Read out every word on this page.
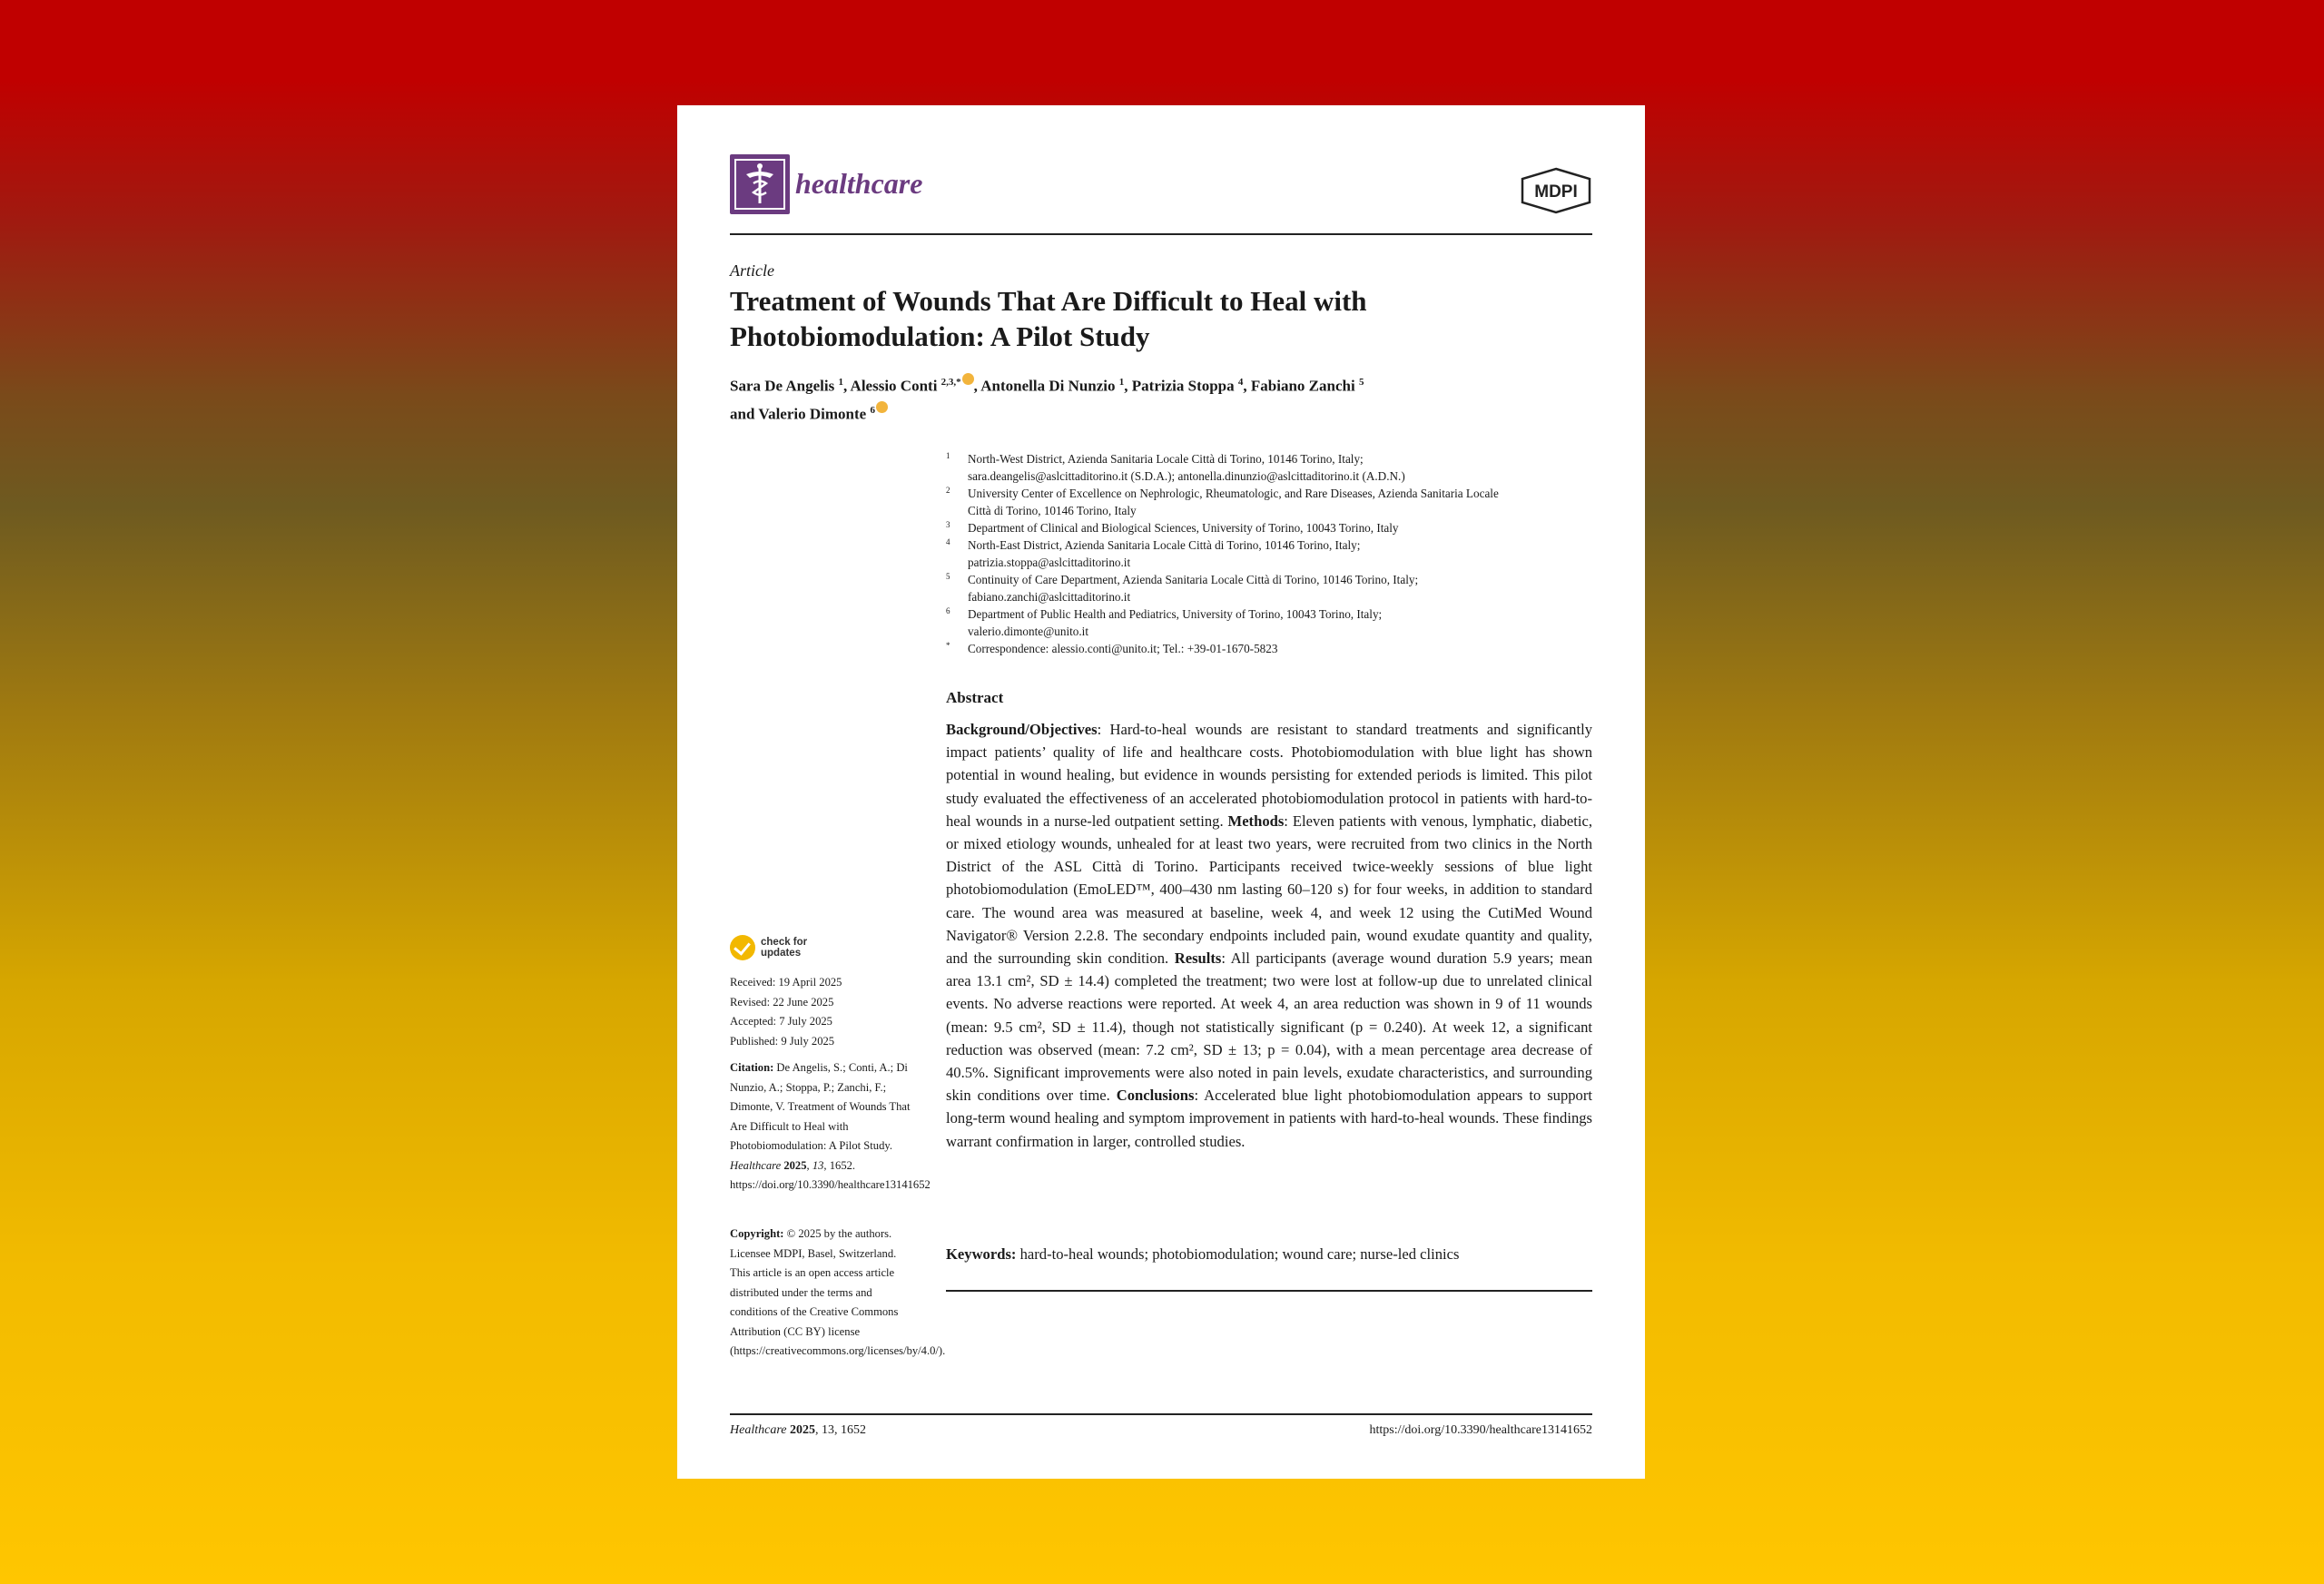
healthcare	MDPI
Article
Treatment of Wounds That Are Difficult to Heal with Photobiomodulation: A Pilot Study
Sara De Angelis $^1$, Alessio Conti $^{2,3,*}$ , Antonella Di Nunzio $^1$, Patrizia Stoppa $^4$, Fabiano Zanchi $^5$
and Valerio Dimonte $^6$
1 North-West District, Azienda Sanitaria Locale Città di Torino, 10146 Torino, Italy;
sara.deangelis@aslcittaditorino.it (S.D.A.); antonella.dinunzio@aslcittaditorino.it (A.D.N.)
2 University Center of Excellence on Nephrologic, Rheumatologic, and Rare Diseases, Azienda Sanitaria Locale
Città di Torino, 10146 Torino, Italy
3 Department of Clinical and Biological Sciences, University of Torino, 10043 Torino, Italy
4 North-East District, Azienda Sanitaria Locale Città di Torino, 10146 Torino, Italy;
patrizia.stoppa@aslcittaditorino.it
5 Continuity of Care Department, Azienda Sanitaria Locale Città di Torino, 10146 Torino, Italy;
fabiano.zanchi@aslcittaditorino.it
6 Department of Public Health and Pediatrics, University of Torino, 10043 Torino, Italy;
valerio.dimonte@unito.it
* Correspondence: alessio.conti@unito.it; Tel.: +39-01-1670-5823
check for
updates
Received: 19 April 2025
Revised: 22 June 2025
Accepted: 7 July 2025
Published: 9 July 2025
Citation: De Angelis, S.; Conti, A.; Di Nunzio, A.; Stoppa, P.; Zanchi, F.; Dimonte, V. Treatment of Wounds That Are Difficult to Heal with Photobiomodulation: A Pilot Study. Healthcare 2025, 13, 1652. https://doi.org/10.3390/healthcare13141652
Copyright: © 2025 by the authors. Licensee MDPI, Basel, Switzerland. This article is an open access article distributed under the terms and conditions of the Creative Commons Attribution (CC BY) license (https://creativecommons.org/licenses/by/4.0/).
Abstract
Background/Objectives: Hard-to-heal wounds are resistant to standard treatments and significantly impact patients’ quality of life and healthcare costs. Photobiomodulation with blue light has shown potential in wound healing, but evidence in wounds persisting for extended periods is limited. This pilot study evaluated the effectiveness of an accelerated photobiomodulation protocol in patients with hard-to-heal wounds in a nurse-led outpatient setting. Methods: Eleven patients with venous, lymphatic, diabetic, or mixed etiology wounds, unhealed for at least two years, were recruited from two clinics in the North District of the ASL Città di Torino. Participants received twice-weekly sessions of blue light photobiomodulation (EmoLED™, 400–430 nm lasting 60–120 s) for four weeks, in addition to standard care. The wound area was measured at baseline, week 4, and week 12 using the CutiMed Wound Navigator® Version 2.2.8. The secondary endpoints included pain, wound exudate quantity and quality, and the surrounding skin condition. Results: All participants (average wound duration 5.9 years; mean area 13.1 cm², SD ± 14.4) completed the treatment; two were lost at follow-up due to unrelated clinical events. No adverse reactions were reported. At week 4, an area reduction was shown in 9 of 11 wounds (mean: 9.5 cm², SD ± 11.4), though not statistically significant (p = 0.240). At week 12, a significant reduction was observed (mean: 7.2 cm², SD ± 13; p = 0.04), with a mean percentage area decrease of 40.5%. Significant improvements were also noted in pain levels, exudate characteristics, and surrounding skin conditions over time. Conclusions: Accelerated blue light photobiomodulation appears to support long-term wound healing and symptom improvement in patients with hard-to-heal wounds. These findings warrant confirmation in larger, controlled studies.
Keywords: hard-to-heal wounds; photobiomodulation; wound care; nurse-led clinics
Healthcare 2025, 13, 1652	https://doi.org/10.3390/healthcare13141652
